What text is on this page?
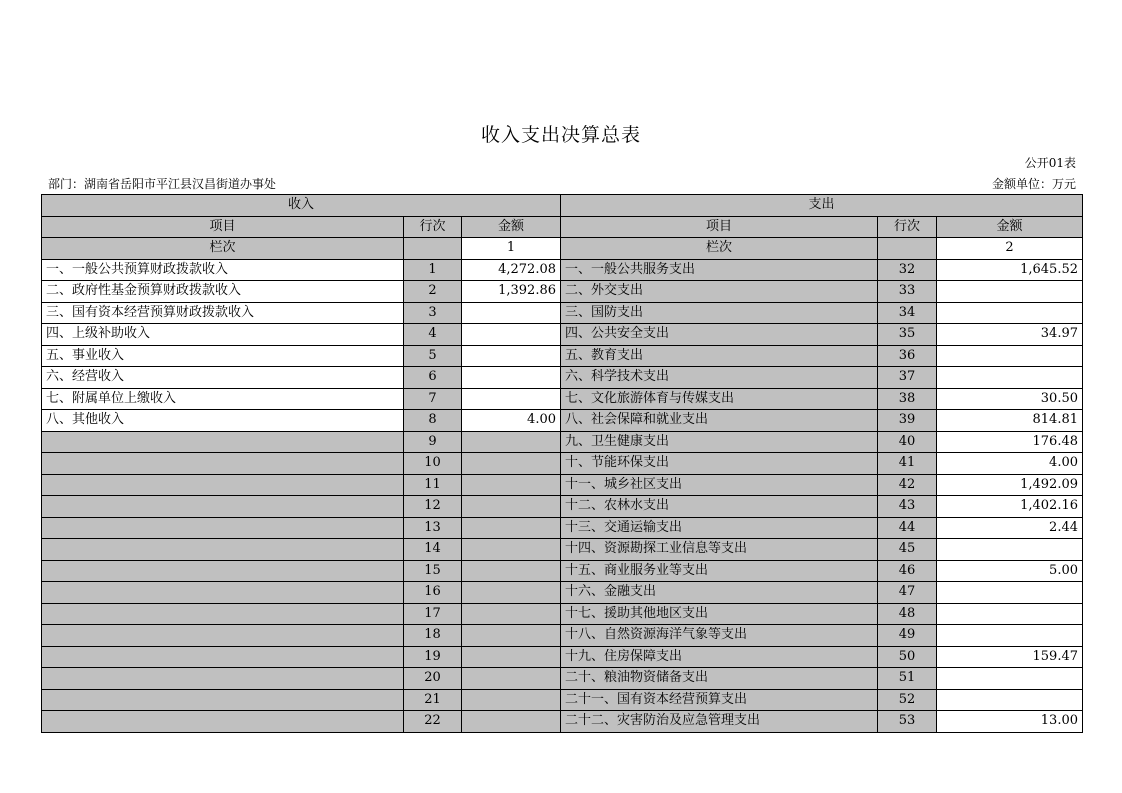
收入支出决算总表
公开01表
部门：湖南省岳阳市平江县汉昌街道办事处	金额单位：万元
收入			支出		
项目	行次	金额	项目	行次	金额
栏次		1	栏次		2
一、一般公共预算财政拨款收入	1	4,272.08	一、一般公共服务支出	32	1,645.52
二、政府性基金预算财政拨款收入	2	1,392.86	二、外交支出	33	
三、国有资本经营预算财政拨款收入	3		三、国防支出	34	
四、上级补助收入	4		四、公共安全支出	35	34.97
五、事业收入	5		五、教育支出	36	
六、经营收入	6		六、科学技术支出	37	
七、附属单位上缴收入	7		七、文化旅游体育与传媒支出	38	30.50
八、其他收入	8	4.00	八、社会保障和就业支出	39	814.81
	9		九、卫生健康支出	40	176.48
	10		十、节能环保支出	41	4.00
	11		十一、城乡社区支出	42	1,492.09
	12		十二、农林水支出	43	1,402.16
	13		十三、交通运输支出	44	2.44
	14		十四、资源勘探工业信息等支出	45	
	15		十五、商业服务业等支出	46	5.00
	16		十六、金融支出	47	
	17		十七、援助其他地区支出	48	
	18		十八、自然资源海洋气象等支出	49	
	19		十九、住房保障支出	50	159.47
	20		二十、粮油物资储备支出	51	
	21		二十一、国有资本经营预算支出	52	
	22		二十二、灾害防治及应急管理支出	53	13.00
